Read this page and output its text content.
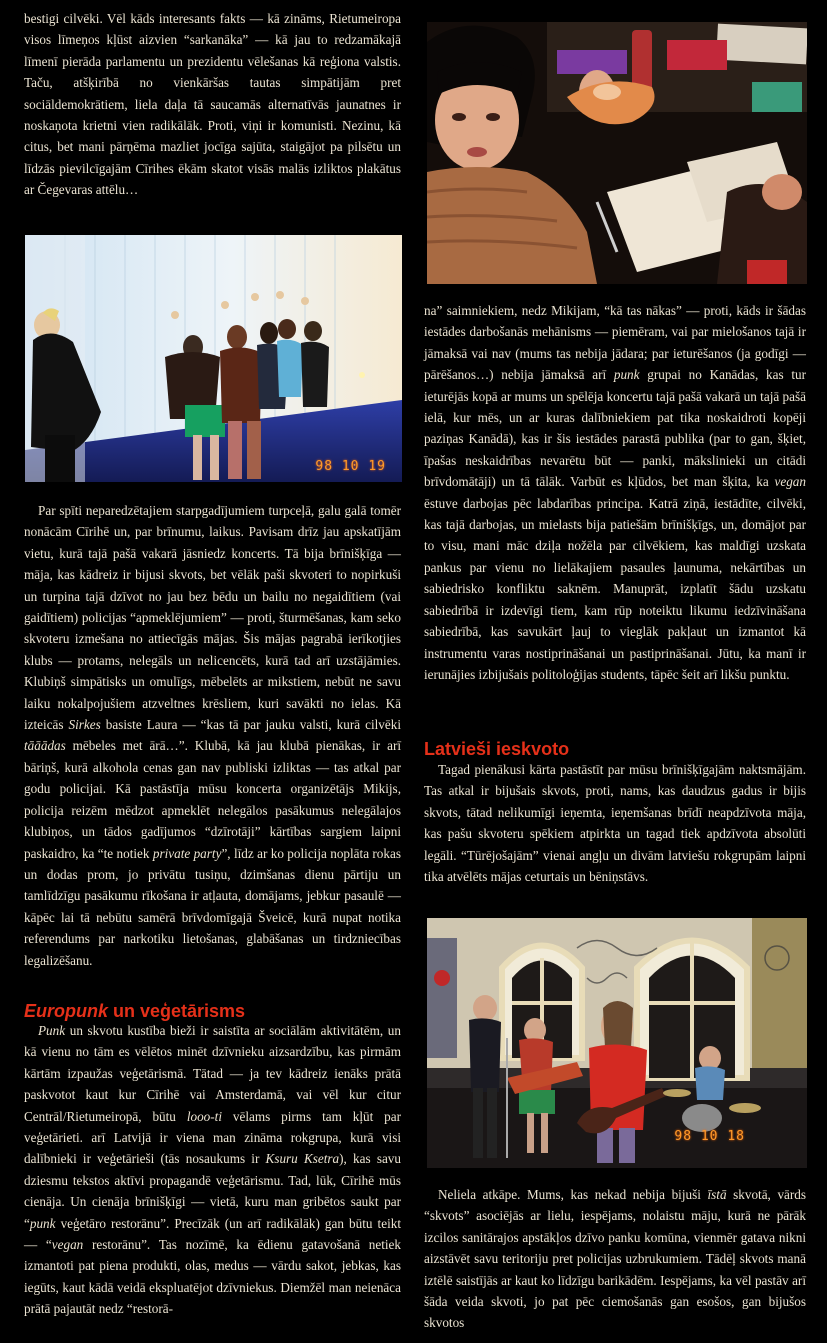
bestigi cilvēki. Vēl kāds interesants fakts — kā zināms, Rietumeiropa visos līmeņos kļūst aizvien “sarkanāka” — kā jau to redzamākajā līmenī pierāda parlamentu un prezidentu vēlešanas kā reģiona valstis. Taču, atšķirībā no vienkāršas tautas simpātijām pret sociāldemokrātiem, liela daļa tā saucamās alternatīvās jaunatnes ir noskaņota krietni vien radikālāk. Proti, viņi ir komunisti. Nezinu, kā citus, bet mani pārņēma mazliet jocīga sajūta, staigājot pa pilsētu un līdzās pievilcīgajām Cīrihes ēkām skatot visās malās izliktos plakātus ar Čegevaras attēlu…

98 10 19

Par spīti neparedzētajiem starpgadījumiem turpceļā, galu galā tomēr nonācām Cīrihē un, par brīnumu, laikus. Pavisam drīz jau apskatījām vietu, kurā tajā pašā vakarā jāsniedz koncerts. Tā bija brīnišķīga — māja, kas kādreiz ir bijusi skvots, bet vēlāk paši skvoteri to nopirkuši un turpina tajā dzīvot no jau bez bēdu un bailu no negaidītiem (vai gaidītiem) policijas “apmeklējumiem” — proti, šturmēšanas, kam seko skvoteru izmešana no attiecīgās mājas. Šis mājas pagrabā ierīkotjies klubs — protams, nelegāls un nelicencēts, kurā tad arī uzstājāmies. Klubiņš simpātisks un omulīgs, mēbelēts ar mikstiem, nebūt ne savu laiku nokalpojušiem atzveltnes krēsliem, kuri savākti no ielas. Kā izteicās Sirkes basiste Laura — “kas tā par jauku valsti, kurā cilvēki tāāādas mēbeles met ārā…”. Klubā, kā jau klubā pienākas, ir arī bāriņš, kurā alkohola cenas gan nav publiski izliktas — tas atkal par godu policijai. Kā pastāstīja mūsu koncerta organizētājs Mikijs, policija reizēm mēdzot apmeklēt nelegālos pasākumus nelegālajos klubiņos, un tādos gadījumos “dzīrotāji” kārtības sargiem laipni paskaidro, ka “te notiek private party”, līdz ar ko policija noplāta rokas un dodas prom, jo privātu tusiņu, dzimšanas dienu pārtiju un tamlīdzīgu pasākumu rīkošana ir atļauta, domājams, jebkur pasaulē — kāpēc lai tā nebūtu samērā brīvdomīgajā Šveicē, kurā nupat notika referendums par narkotiku lietošanas, glabāšanas un tirdzniecības legalizēšanu.

Europunk un veģetārisms

Punk un skvotu kustība bieži ir saistīta ar sociālām aktivitātēm, un kā vienu no tām es vēlētos minēt dzīvnieku aizsardzību, kas pirmām kārtām izpaužas veģetārismā. Tātad — ja tev kādreiz ienāks prātā paskvotot kaut kur Cīrihē vai Amsterdamā, vai vēl kur citur Centrāl/Rietumeiropā, būtu looo-ti vēlams pirms tam kļūt par veģetārieti. arī Latvijā ir viena man zināma rokgrupa, kurā visi dalībnieki ir veģetārieši (tās nosaukums ir Ksuru Ksetra), kas savu dziesmu tekstos aktīvi propagandē veģetārismu. Tad, lūk, Cīrihē mūs cienāja. Un cienāja brīnišķīgi — vietā, kuru man gribētos saukt par “punk veģetāro restorānu”. Precīzāk (un arī radikālāk) gan būtu teikt — “vegan restorānu”. Tas nozīmē, ka ēdienu gatavošanā netiek izmantoti pat piena produkti, olas, medus — vārdu sakot, jebkas, kas iegūts, kaut kādā veidā ekspluatējot dzīvniekus. Diemžēl man neienāca prātā pajautāt nedz “restorā-

na” saimniekiem, nedz Mikijam, “kā tas nākas” — proti, kāds ir šādas iestādes darbošanās mehānisms — piemēram, vai par mielošanos tajā ir jāmaksā vai nav (mums tas nebija jādara; par ieturēšanos (ja godīgi — pārēšanos…) nebija jāmaksā arī punk grupai no Kanādas, kas tur ieturējās kopā ar mums un spēlēja koncertu tajā pašā vakarā un tajā pašā ielā, kur mēs, un ar kuras dalībniekiem pat tika noskaidroti kopēji paziņas Kanādā), kas ir šis iestādes parastā publika (par to gan, šķiet, īpašas neskaidrības nevarētu būt — panki, mākslinieki un citādi brīvdomātāji) un tā tālāk. Varbūt es kļūdos, bet man šķita, ka vegan ēstuve darbojas pēc labdarības principa. Katrā ziņā, iestādīte, cilvēki, kas tajā darbojas, un mielasts bija patiešām brīnišķīgs, un, domājot par to visu, mani māc dziļa nožēla par cilvēkiem, kas maldīgi uzskata pankus par vienu no lielākajiem pasaules ļaunuma, nekārtības un sabiedrisko konfliktu saknēm. Manuprāt, izplatīt šādu uzskatu sabiedrībā ir izdevīgi tiem, kam rūp noteiktu likumu iedzīvināšana sabiedrībā, kas savukārt ļauj to vieglāk pakļaut un izmantot kā instrumentu varas nostiprināšanai un pastiprināšanai. Jūtu, ka manī ir ierunājies izbijušais politoloģijas students, tāpēc šeit arī likšu punktu.

Latvieši ieskvoto

Tagad pienākusi kārta pastāstīt par mūsu brīnišķīgajām naktsmājām. Tas atkal ir bijušais skvots, proti, nams, kas daudzus gadus ir bijis skvots, tātad nelikumīgi ieņemta, ieņemšanas brīdī neapdzīvota māja, kas pašu skvoteru spēkiem atpirkta un tagad tiek apdzīvota absolūti legāli. “Tūrējošajām” vienai angļu un divām latviešu rokgrupām laipni tika atvēlēts mājas ceturtais un bēniņstāvs.

98 10 18

Neliela atkāpe. Mums, kas nekad nebija bijuši īstā skvotā, vārds “skvots” asociējās ar lielu, iespējams, nolaistu māju, kurā ne pārāk izcilos sanitārajos apstākļos dzīvo panku komūna, vienmēr gatava nikni aizstāvēt savu teritoriju pret policijas uzbrukumiem. Tādēļ skvots manā iztēlē saistījās ar kaut ko līdzīgu barikādēm. Iespējams, ka vēl pastāv arī šāda veida skvoti, jo pat pēc ciemošanās gan esošos, gan bijušos skvotos
